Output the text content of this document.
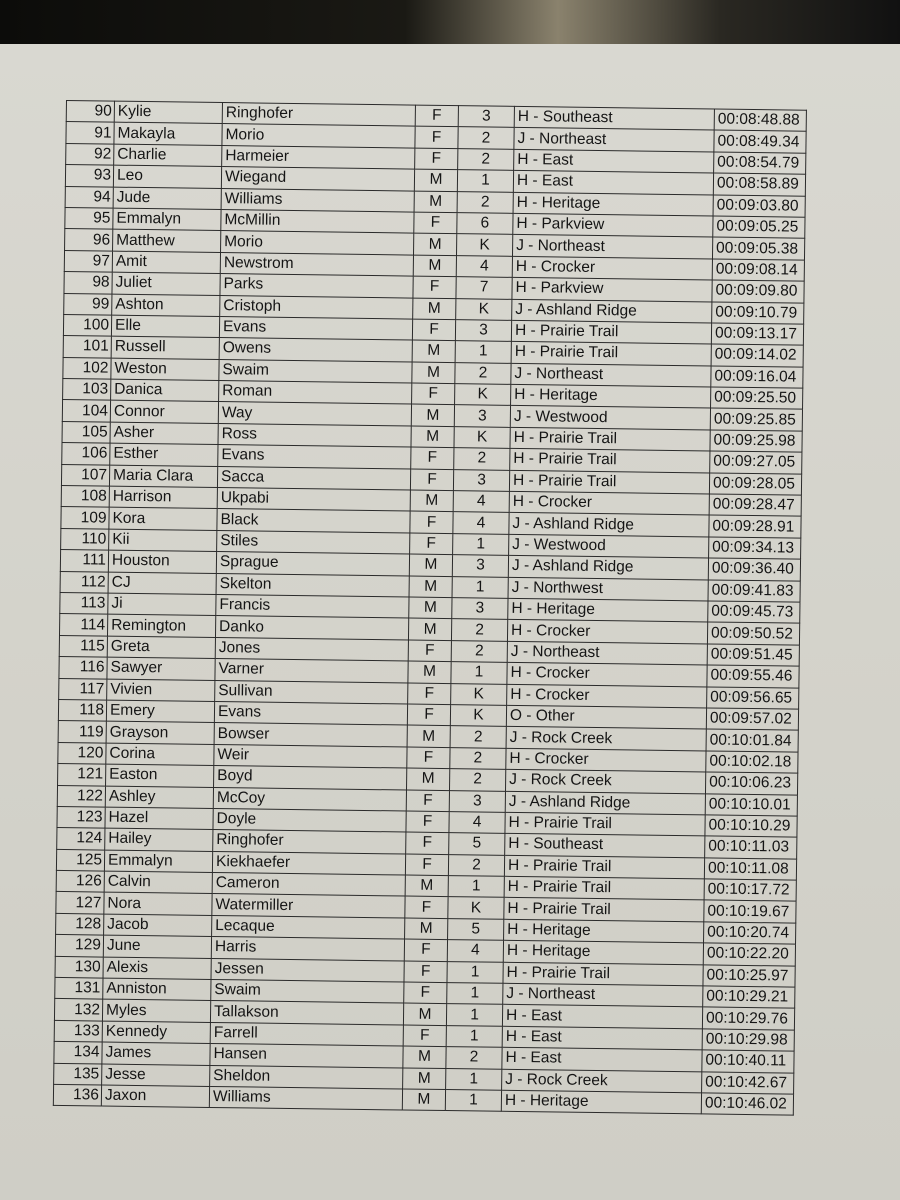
90	Kylie	Ringhofer	F	3	H - Southeast	00:08:48.88
91	Makayla	Morio	F	2	J - Northeast	00:08:49.34
92	Charlie	Harmeier	F	2	H - East	00:08:54.79
93	Leo	Wiegand	M	1	H - East	00:08:58.89
94	Jude	Williams	M	2	H - Heritage	00:09:03.80
95	Emmalyn	McMillin	F	6	H - Parkview	00:09:05.25
96	Matthew	Morio	M	K	J - Northeast	00:09:05.38
97	Amit	Newstrom	M	4	H - Crocker	00:09:08.14
98	Juliet	Parks	F	7	H - Parkview	00:09:09.80
99	Ashton	Cristoph	M	K	J - Ashland Ridge	00:09:10.79
100	Elle	Evans	F	3	H - Prairie Trail	00:09:13.17
101	Russell	Owens	M	1	H - Prairie Trail	00:09:14.02
102	Weston	Swaim	M	2	J - Northeast	00:09:16.04
103	Danica	Roman	F	K	H - Heritage	00:09:25.50
104	Connor	Way	M	3	J - Westwood	00:09:25.85
105	Asher	Ross	M	K	H - Prairie Trail	00:09:25.98
106	Esther	Evans	F	2	H - Prairie Trail	00:09:27.05
107	Maria Clara	Sacca	F	3	H - Prairie Trail	00:09:28.05
108	Harrison	Ukpabi	M	4	H - Crocker	00:09:28.47
109	Kora	Black	F	4	J - Ashland Ridge	00:09:28.91
110	Kii	Stiles	F	1	J - Westwood	00:09:34.13
111	Houston	Sprague	M	3	J - Ashland Ridge	00:09:36.40
112	CJ	Skelton	M	1	J - Northwest	00:09:41.83
113	Ji	Francis	M	3	H - Heritage	00:09:45.73
114	Remington	Danko	M	2	H - Crocker	00:09:50.52
115	Greta	Jones	F	2	J - Northeast	00:09:51.45
116	Sawyer	Varner	M	1	H - Crocker	00:09:55.46
117	Vivien	Sullivan	F	K	H - Crocker	00:09:56.65
118	Emery	Evans	F	K	O - Other	00:09:57.02
119	Grayson	Bowser	M	2	J - Rock Creek	00:10:01.84
120	Corina	Weir	F	2	H - Crocker	00:10:02.18
121	Easton	Boyd	M	2	J - Rock Creek	00:10:06.23
122	Ashley	McCoy	F	3	J - Ashland Ridge	00:10:10.01
123	Hazel	Doyle	F	4	H - Prairie Trail	00:10:10.29
124	Hailey	Ringhofer	F	5	H - Southeast	00:10:11.03
125	Emmalyn	Kiekhaefer	F	2	H - Prairie Trail	00:10:11.08
126	Calvin	Cameron	M	1	H - Prairie Trail	00:10:17.72
127	Nora	Watermiller	F	K	H - Prairie Trail	00:10:19.67
128	Jacob	Lecaque	M	5	H - Heritage	00:10:20.74
129	June	Harris	F	4	H - Heritage	00:10:22.20
130	Alexis	Jessen	F	1	H - Prairie Trail	00:10:25.97
131	Anniston	Swaim	F	1	J - Northeast	00:10:29.21
132	Myles	Tallakson	M	1	H - East	00:10:29.76
133	Kennedy	Farrell	F	1	H - East	00:10:29.98
134	James	Hansen	M	2	H - East	00:10:40.11
135	Jesse	Sheldon	M	1	J - Rock Creek	00:10:42.67
136	Jaxon	Williams	M	1	H - Heritage	00:10:46.02
